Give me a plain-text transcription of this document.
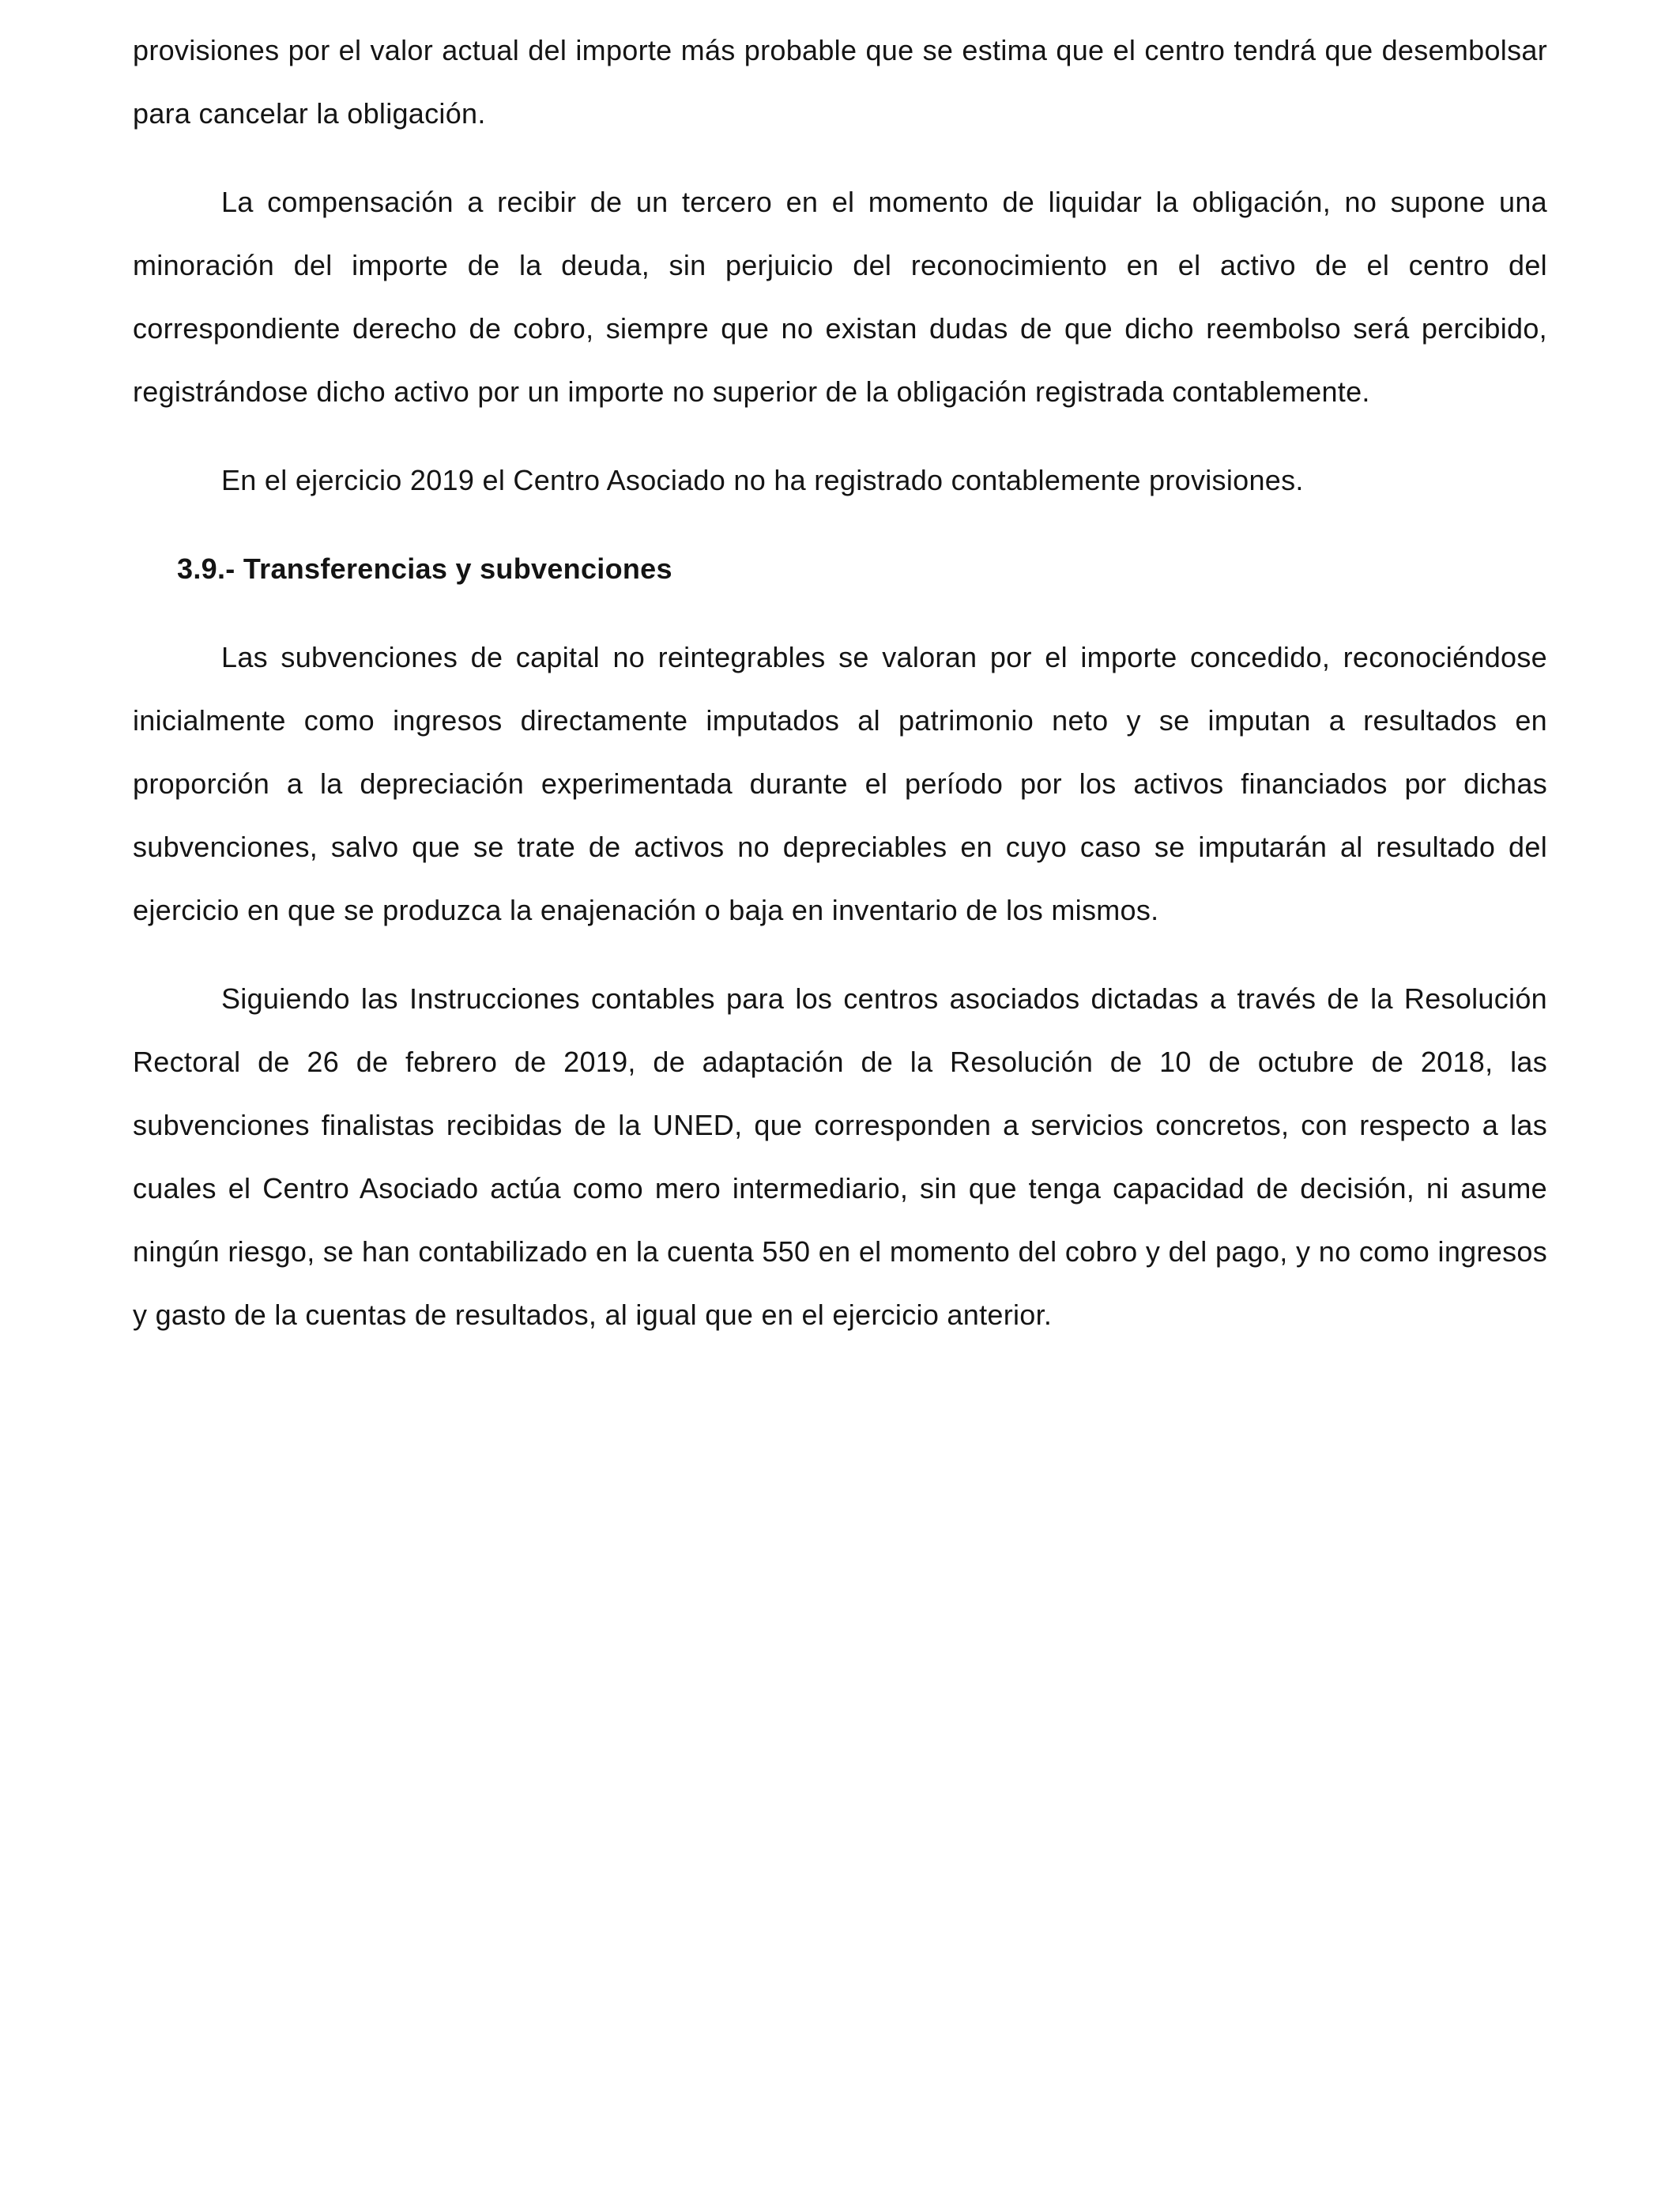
provisiones por el valor actual del importe más probable que se estima que el centro tendrá que desembolsar para cancelar la obligación.

La compensación a recibir de un tercero en el momento de liquidar la obligación, no supone una minoración del importe de la deuda, sin perjuicio del reconocimiento en el activo de el centro del correspondiente derecho de cobro, siempre que no existan dudas de que dicho reembolso será percibido, registrándose dicho activo por un importe no superior de la obligación registrada contablemente.

En el ejercicio 2019 el Centro Asociado no ha registrado contablemente provisiones.

3.9.- Transferencias y subvenciones

Las subvenciones de capital no reintegrables se valoran por el importe concedido, reconociéndose inicialmente como ingresos directamente imputados al patrimonio neto y se imputan a resultados en proporción a la depreciación experimentada durante el período por los activos financiados por dichas subvenciones, salvo que se trate de activos no depreciables en cuyo caso se imputarán al resultado del ejercicio en que se produzca la enajenación o baja en inventario de los mismos.

Siguiendo las Instrucciones contables para los centros asociados dictadas a través de la Resolución Rectoral de 26 de febrero de 2019, de adaptación de la Resolución de 10 de octubre de 2018, las subvenciones finalistas recibidas de la UNED, que corresponden a servicios concretos, con respecto a las cuales el Centro Asociado actúa como mero intermediario, sin que tenga capacidad de decisión, ni asume ningún riesgo, se han contabilizado en la cuenta 550 en el momento del cobro y del pago, y no como ingresos y gasto de la cuentas de resultados, al igual que en el ejercicio anterior.
